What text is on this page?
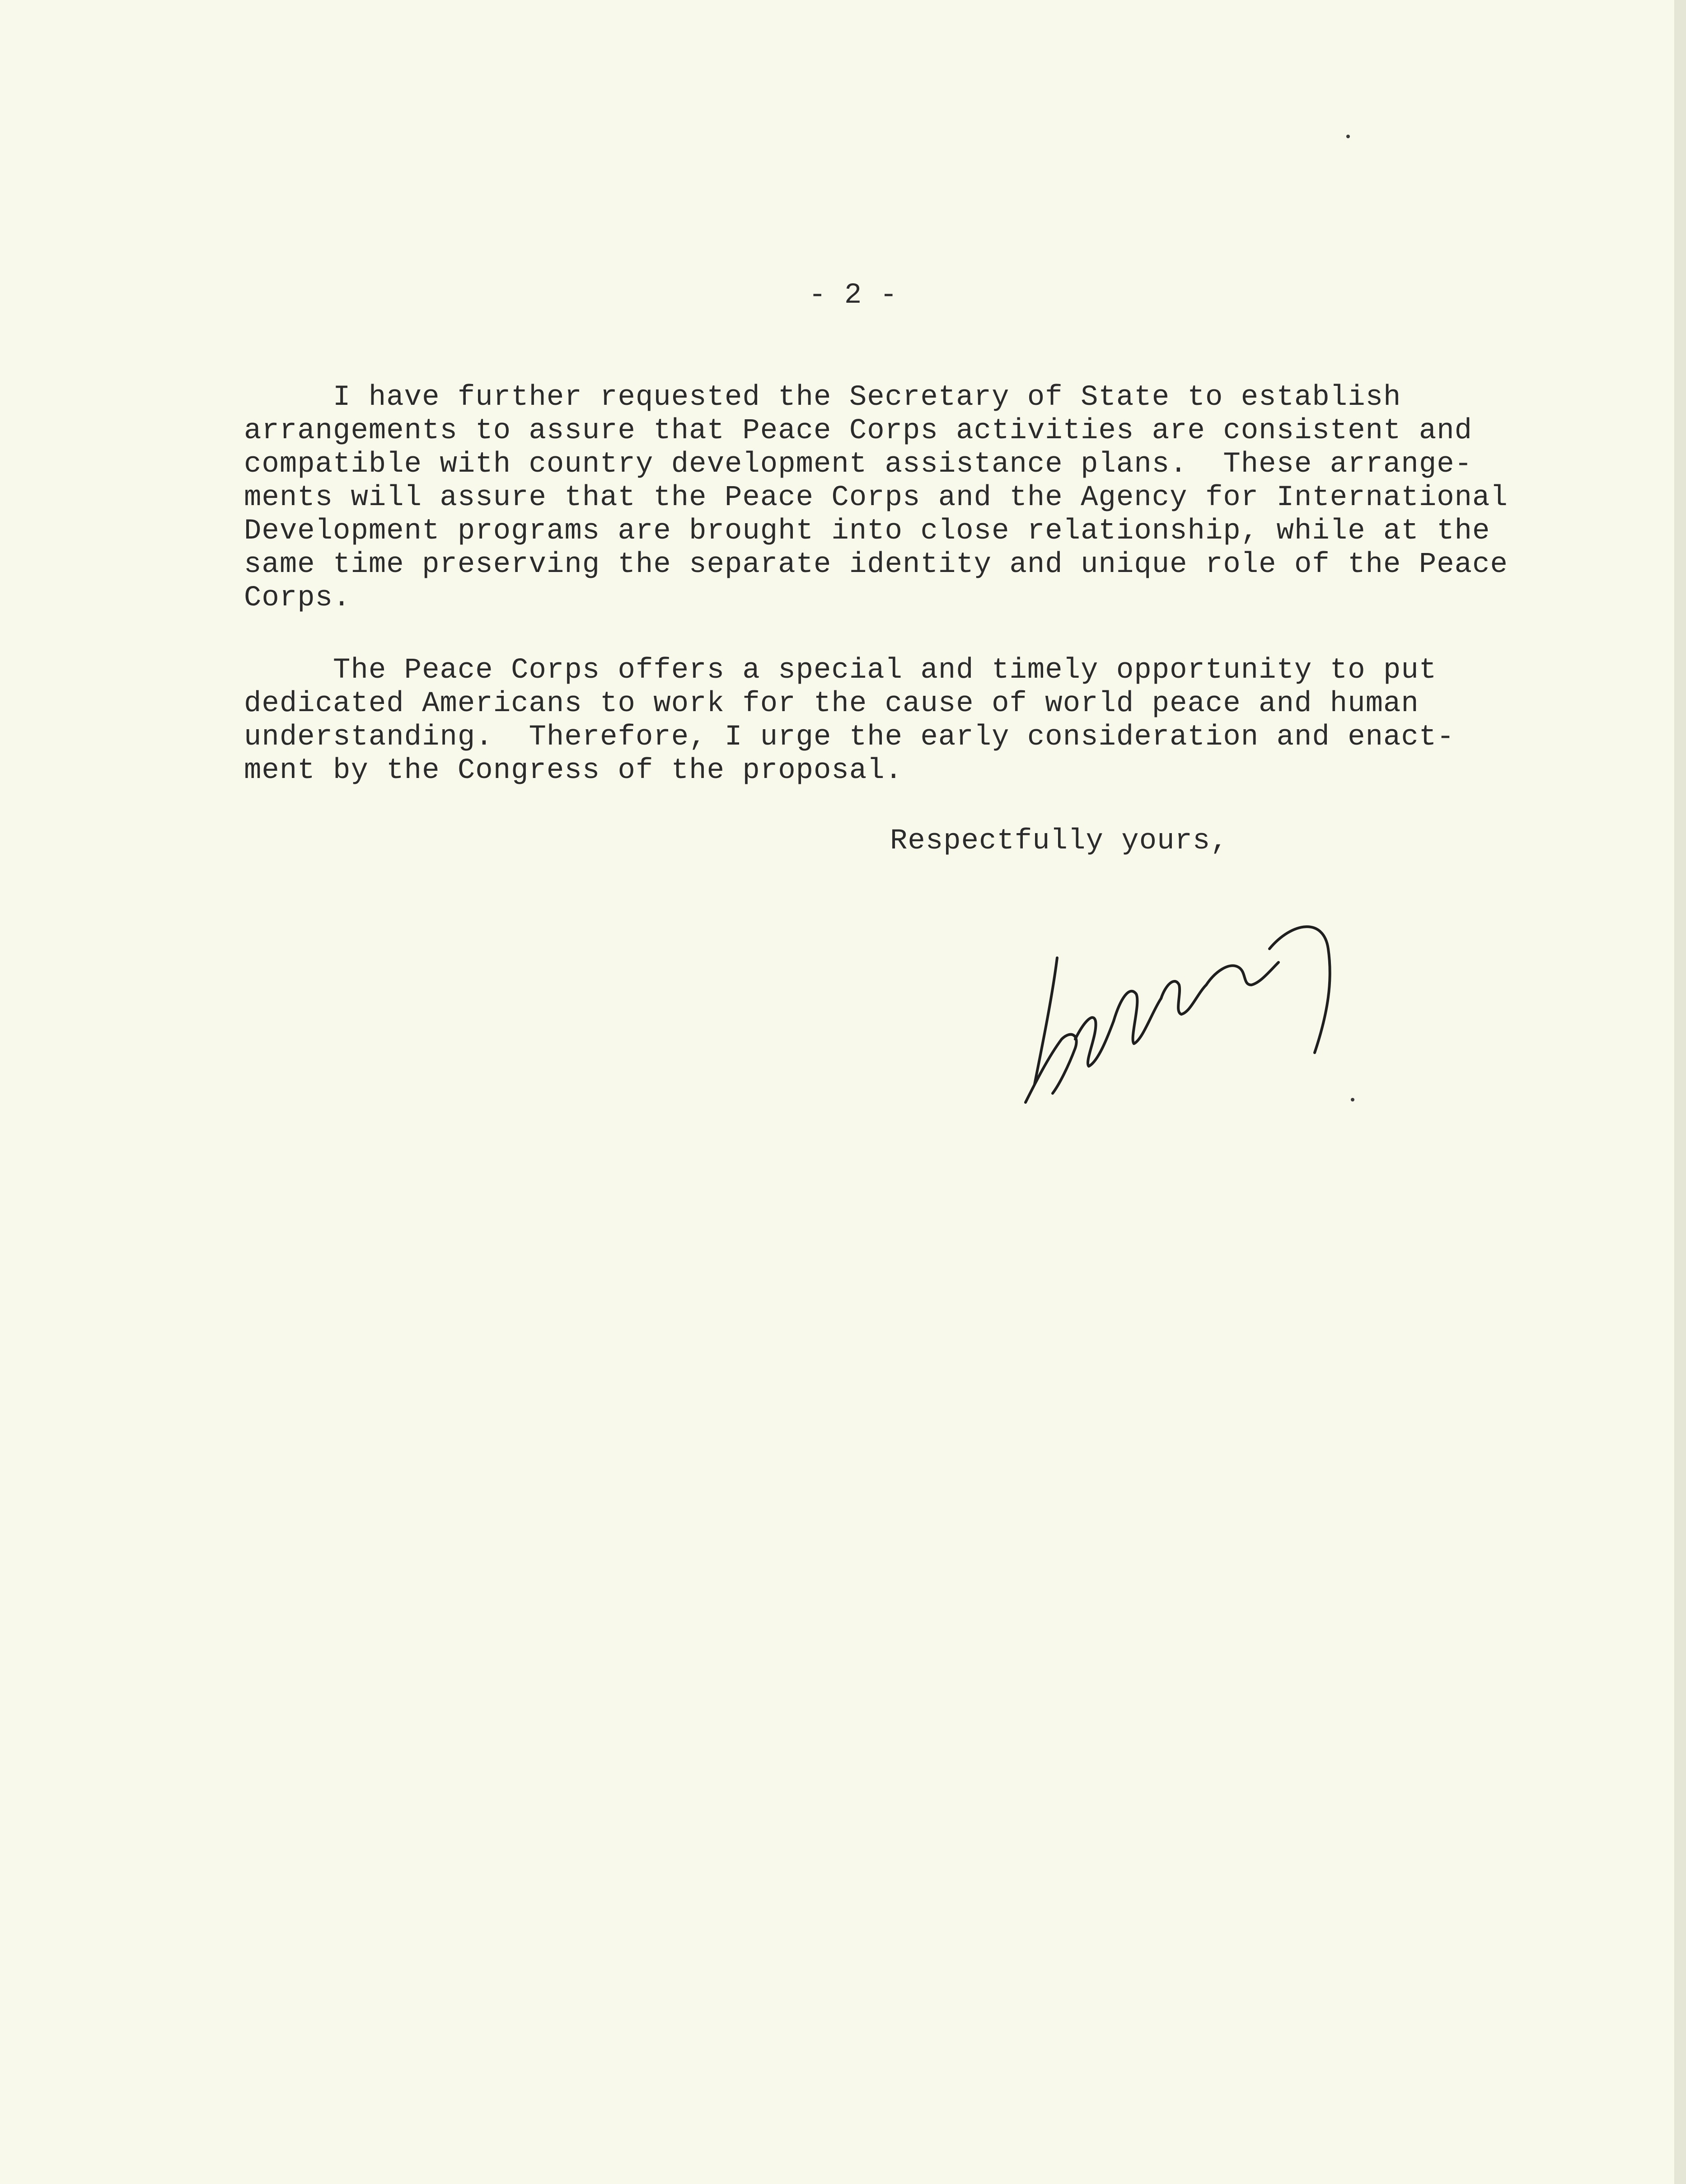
- 2 -
I have further requested the Secretary of State to establish
arrangements to assure that Peace Corps activities are consistent and
compatible with country development assistance plans.  These arrange-
ments will assure that the Peace Corps and the Agency for International
Development programs are brought into close relationship, while at the
same time preserving the separate identity and unique role of the Peace
Corps.
The Peace Corps offers a special and timely opportunity to put
dedicated Americans to work for the cause of world peace and human
understanding.  Therefore, I urge the early consideration and enact-
ment by the Congress of the proposal.
Respectfully yours,
